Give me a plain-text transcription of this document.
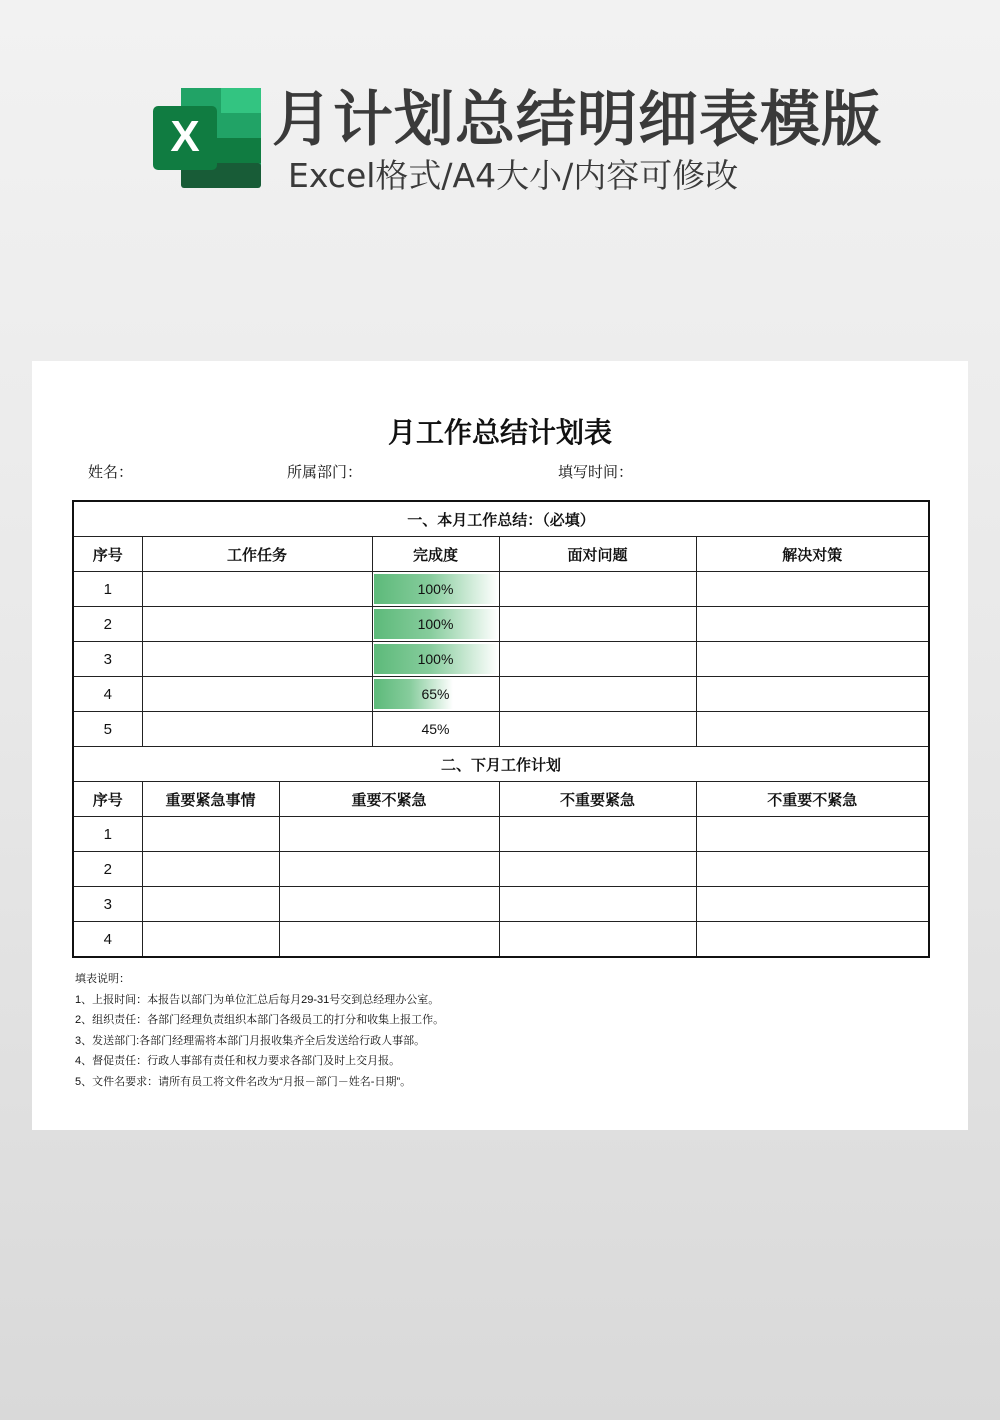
X 月计划总结明细表模版
Excel格式/A4大小/内容可修改
月工作总结计划表
姓名：	所属部门：	填写时间：
一、本月工作总结：（必填）					
序号	工作任务		完成度	面对问题	解决对策
1			100%		
2			100%		
3			100%		
4			65%		
5			45%		
二、下月工作计划					
序号	重要紧急事情	重要不紧急		不重要紧急	不重要不紧急
1					
2					
3					
4					
填表说明：
1、上报时间：本报告以部门为单位汇总后每月29-31号交到总经理办公室。
2、组织责任：各部门经理负责组织本部门各级员工的打分和收集上报工作。
3、发送部门:各部门经理需将本部门月报收集齐全后发送给行政人事部。
4、督促责任：行政人事部有责任和权力要求各部门及时上交月报。
5、文件名要求：请所有员工将文件名改为“月报－部门－姓名-日期”。
